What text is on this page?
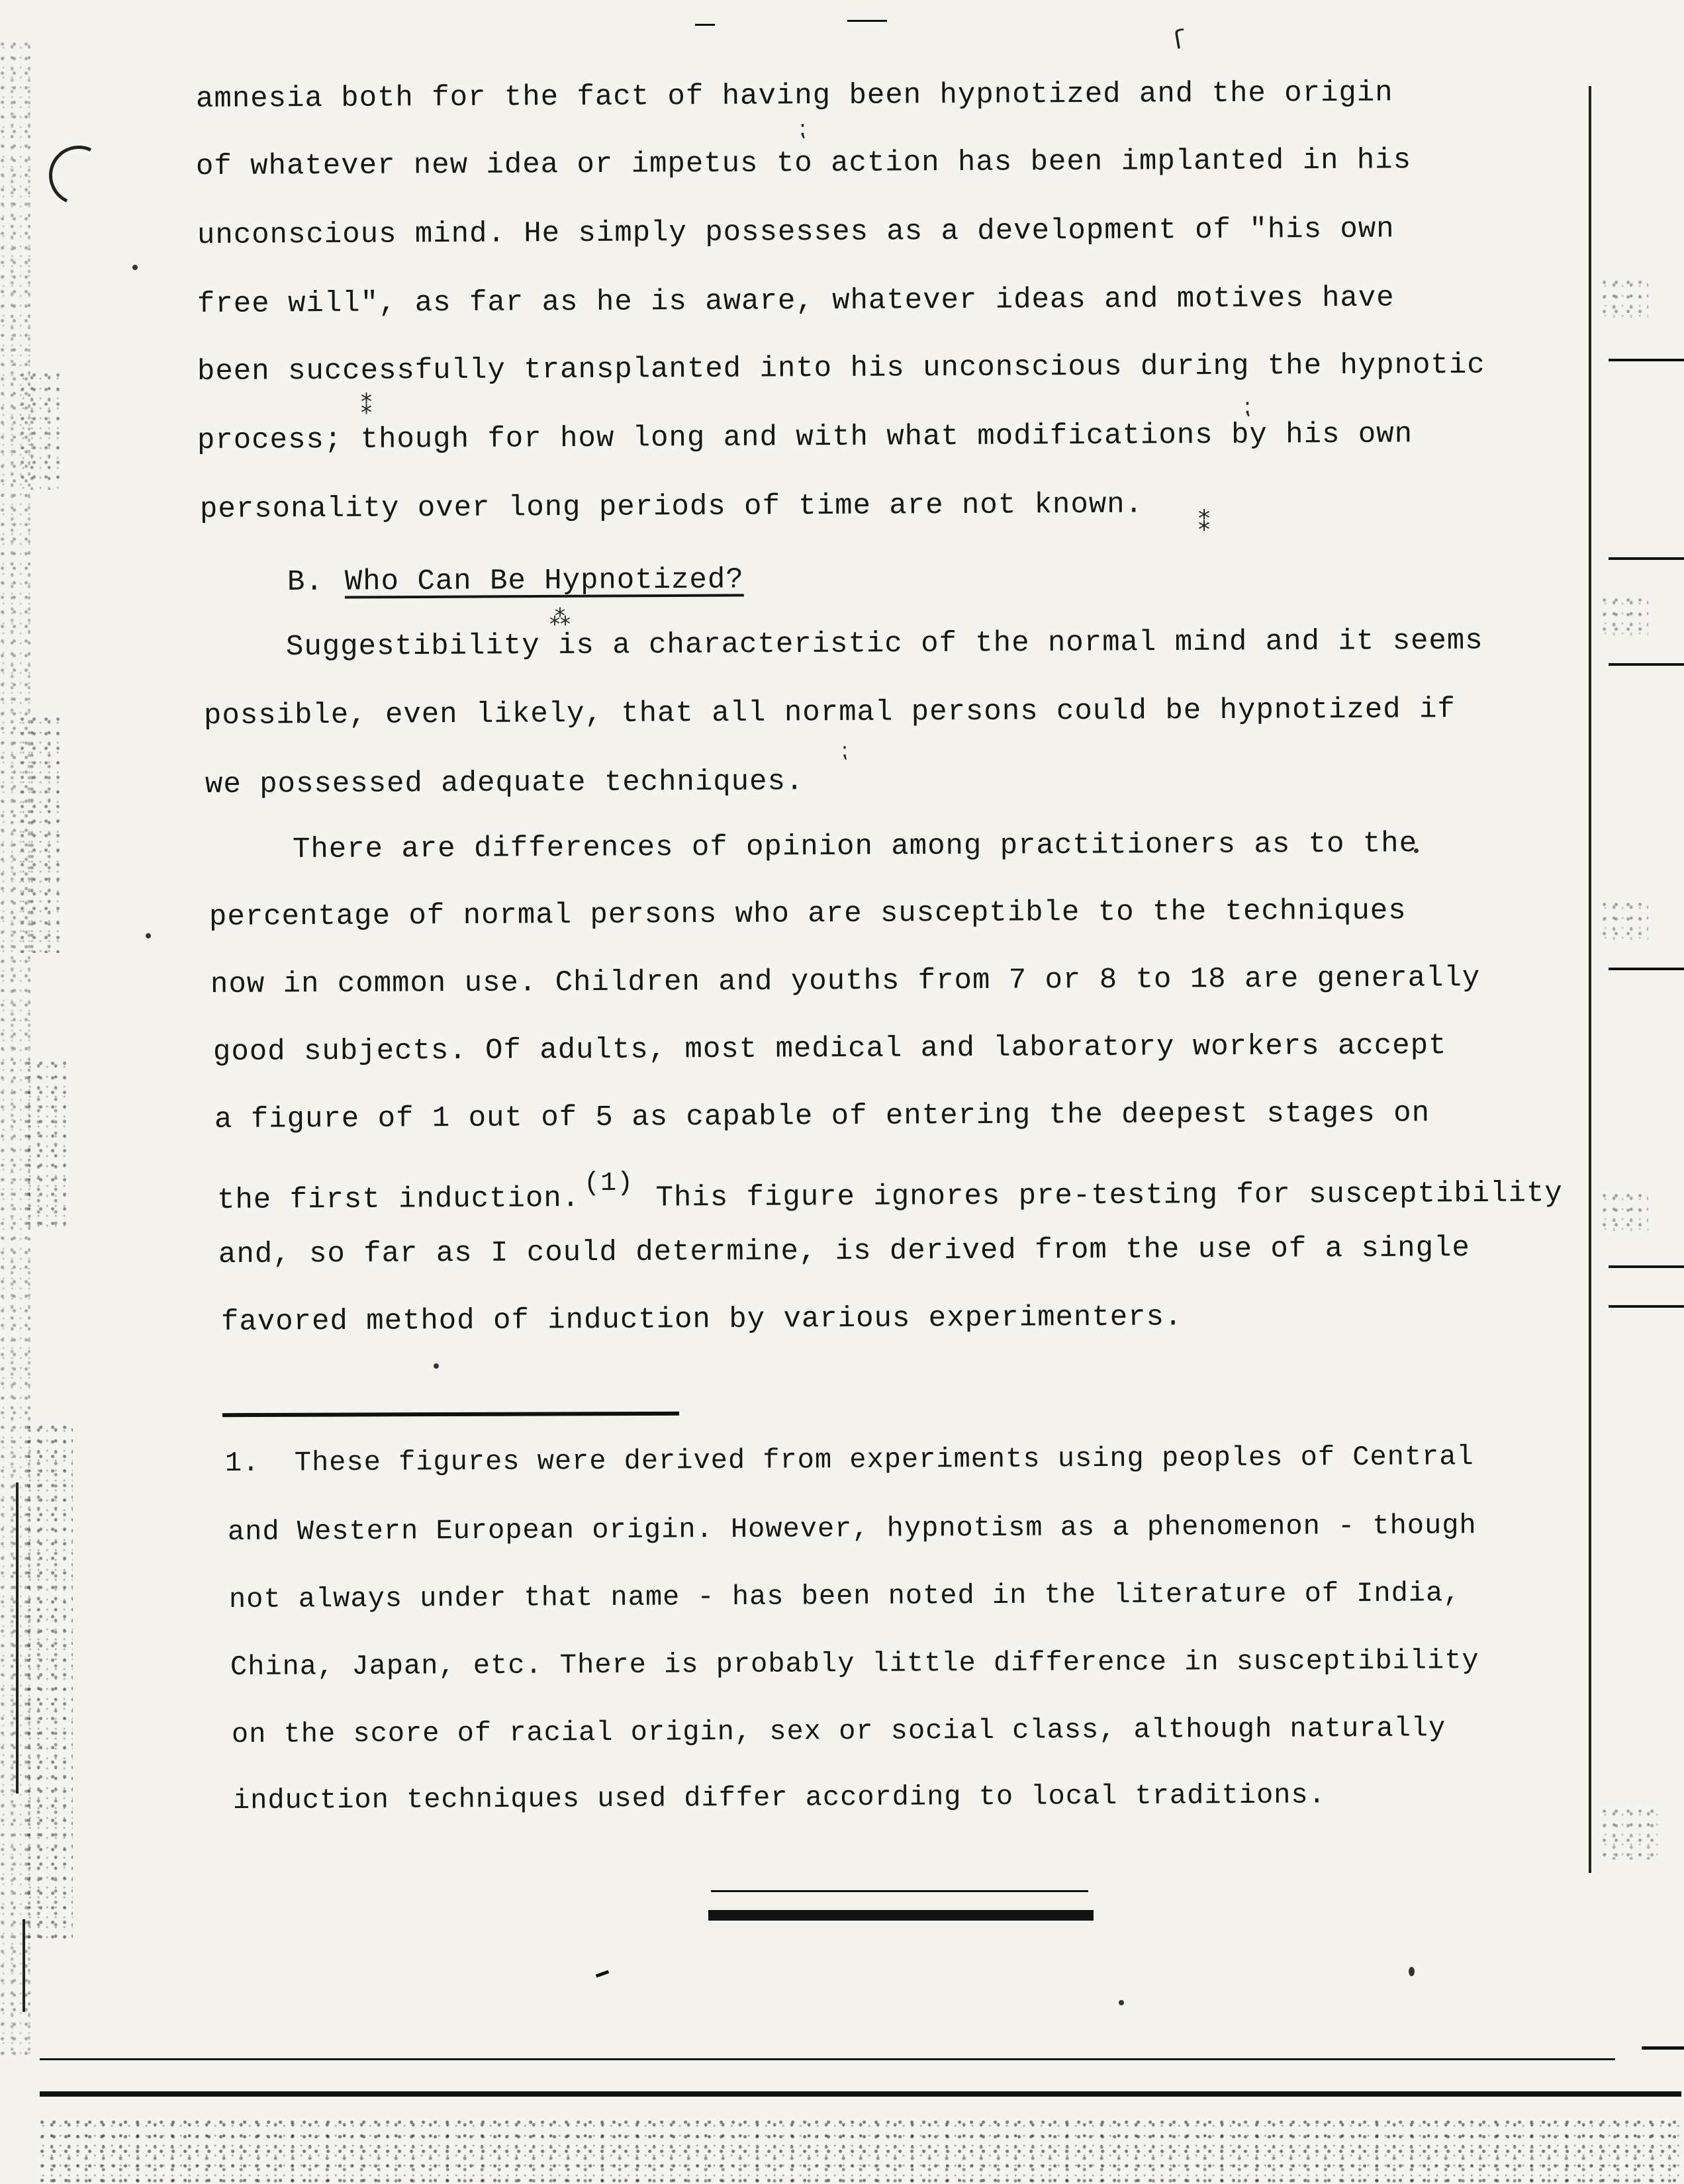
ſ
⁏
⁑
⁑	⁏
⁂
⁏
amnesia both for the fact of having been hypnotized and the origin
of whatever new idea or impetus to action has been implanted in his
unconscious mind. He simply possesses as a development of "his own
free will", as far as he is aware, whatever ideas and motives have
been successfully transplanted into his unconscious during the hypnotic
process; though for how long and with what modifications by his own
personality over long periods of time are not known.
B. Who Can Be Hypnotized?
Suggestibility is a characteristic of the normal mind and it seems
possible, even likely, that all normal persons could be hypnotized if
we possessed adequate techniques.
There are differences of opinion among practitioners as to the
percentage of normal persons who are susceptible to the techniques
now in common use. Children and youths from 7 or 8 to 18 are generally
good subjects. Of adults, most medical and laboratory workers accept
a figure of 1 out of 5 as capable of entering the deepest stages on
the first induction. $^{(1)}$ This figure ignores pre-testing for susceptibility
and, so far as I could determine, is derived from the use of a single
favored method of induction by various experimenters.
1. These figures were derived from experiments using peoples of Central
and Western European origin. However, hypnotism as a phenomenon - though
not always under that name - has been noted in the literature of India,
China, Japan, etc. There is probably little difference in susceptibility
on the score of racial origin, sex or social class, although naturally
induction techniques used differ according to local traditions.
